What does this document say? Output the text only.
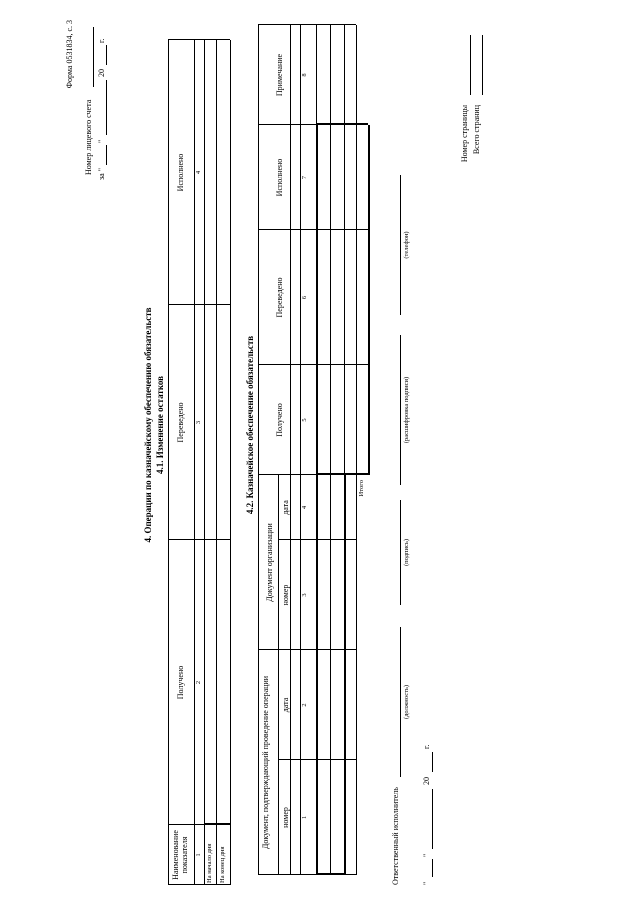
Форма 0531834, с. 3
Номер лицевого счета за "
"
20
г.
4. Операции по казначейскому обеспечению обязательств 4.1. Изменение остатков
Наименование показателя
Получено
Переведено
Исполнено
1
2
3
4
На начало дня На конец дня
4.2. Казначейское обеспечение обязательств
Документ, подтверждающий проведение операции
Документ организации
номер
дата
номер
дата
Получено
Переведено
Исполнено
Примечание
1
2
3
4
5
6
7
8
Итого
Ответственный исполнитель
(должность)
(подпись)
(расшифровка подписи)
(телефон)
"
"
20
г.
Номер страницы Всего страниц
